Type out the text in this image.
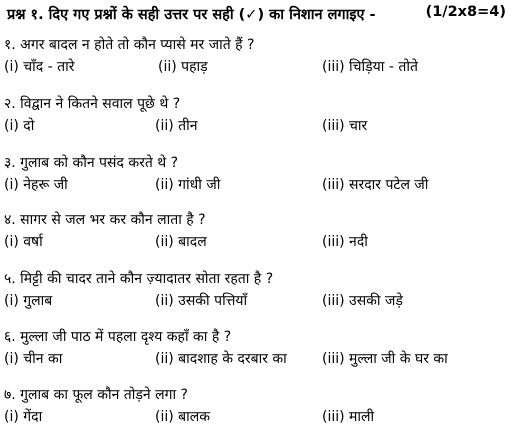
प्रश्न १. दिए गए प्रश्नों के सही उत्तर पर सही (✓) का निशान लगाइए -	(1/2x8=4)
१. अगर बादल न होते तो कौन प्यासे मर जाते हैं ?
(i) चाँद - तारे	(ii) पहाड़	(iii) चिड़िया - तोते
२. विद्वान ने कितने सवाल पूछे थे ?
(i) दो	(ii) तीन	(iii) चार
३. गुलाब को कौन पसंद करते थे ?
(i) नेहरू जी	(ii) गांधी जी	(iii) सरदार पटेल जी
४. सागर से जल भर कर कौन लाता है ?
(i) वर्षा	(ii) बादल	(iii) नदी
५. मिट्टी की चादर ताने कौन ज़्यादातर सोता रहता है ?
(i) गुलाब	(ii) उसकी पत्तियाँ	(iii) उसकी जड़े
६. मुल्ला जी पाठ में पहला दृश्य कहाँ का है ?
(i) चीन का	(ii) बादशाह के दरबार का	(iii) मुल्ला जी के घर का
७. गुलाब का फूल कौन तोड़ने लगा ?
(i) गेंदा	(ii) बालक	(iii) माली
